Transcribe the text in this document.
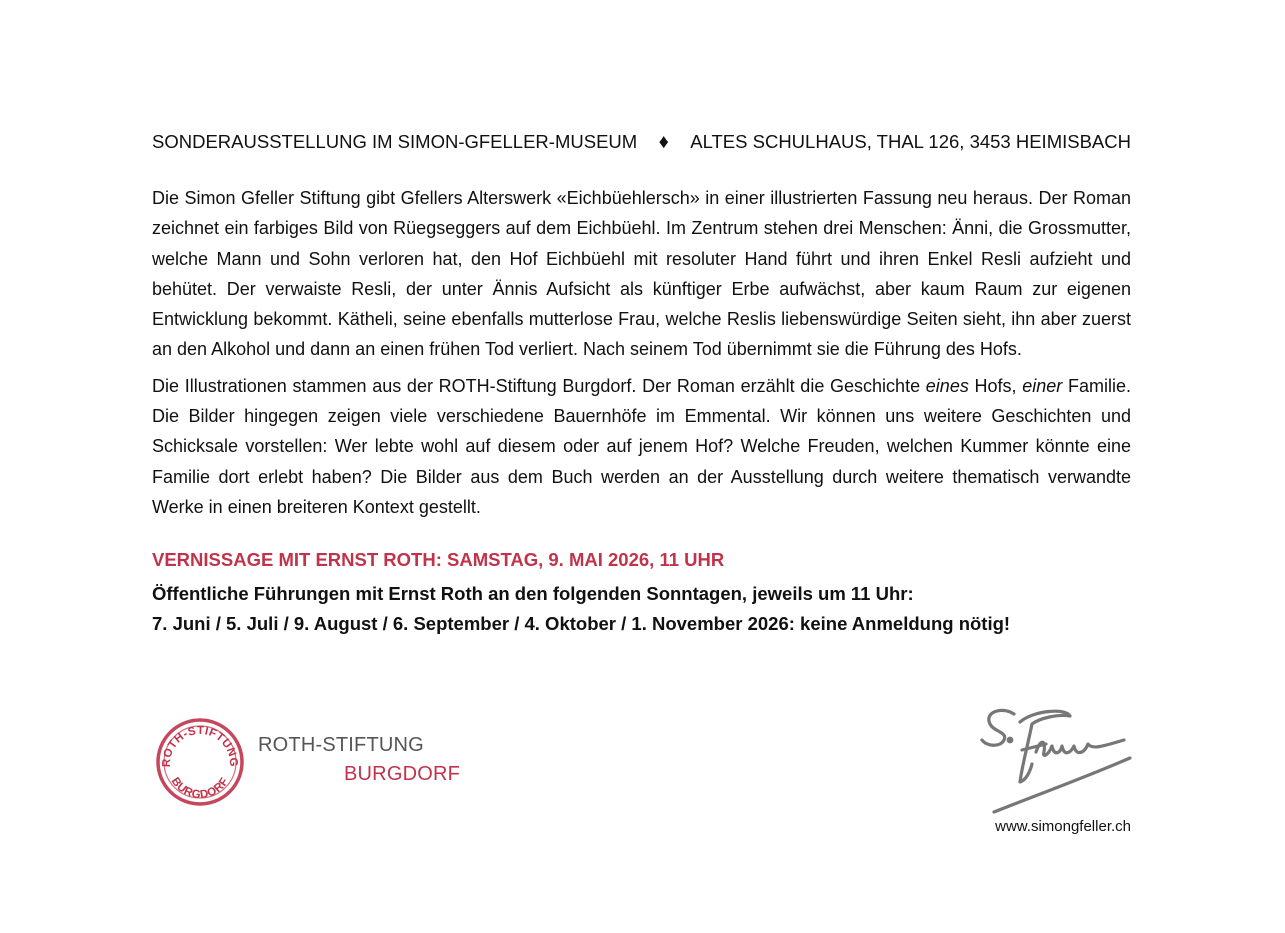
SONDERAUSSTELLUNG IM SIMON-GFELLER-MUSEUM ♦ ALTES SCHULHAUS, THAL 126, 3453 HEIMISBACH

Die Simon Gfeller Stiftung gibt Gfellers Alterswerk «Eichbüehlersch» in einer illustrierten Fassung neu heraus. Der Roman zeichnet ein farbiges Bild von Rüegseggers auf dem Eichbüehl. Im Zentrum stehen drei Menschen: Änni, die Grossmutter, welche Mann und Sohn verloren hat, den Hof Eichbüehl mit resoluter Hand führt und ihren Enkel Resli aufzieht und behütet. Der verwaiste Resli, der unter Ännis Aufsicht als künftiger Erbe aufwächst, aber kaum Raum zur eigenen Entwicklung bekommt. Kätheli, seine ebenfalls mutterlose Frau, welche Reslis liebenswürdige Seiten sieht, ihn aber zuerst an den Alkohol und dann an einen frühen Tod verliert. Nach seinem Tod übernimmt sie die Führung des Hofs.

Die Illustrationen stammen aus der ROTH-Stiftung Burgdorf. Der Roman erzählt die Geschichte eines Hofs, einer Familie. Die Bilder hingegen zeigen viele verschiedene Bauernhöfe im Emmental. Wir können uns weitere Geschichten und Schicksale vorstellen: Wer lebte wohl auf diesem oder auf jenem Hof? Welche Freuden, welchen Kummer könnte eine Familie dort erlebt haben? Die Bilder aus dem Buch werden an der Ausstellung durch weitere thematisch verwandte Werke in einen breiteren Kontext gestellt.

VERNISSAGE MIT ERNST ROTH: SAMSTAG, 9. MAI 2026, 11 UHR
Öffentliche Führungen mit Ernst Roth an den folgenden Sonntagen, jeweils um 11 Uhr:
7. Juni / 5. Juli / 9. August / 6. September / 4. Oktober / 1. November 2026: keine Anmeldung nötig!
ROTH-STIFTUNG
BURGDORF
ROTH-STIFTUNG
BURGDORF
www.simongfeller.ch
